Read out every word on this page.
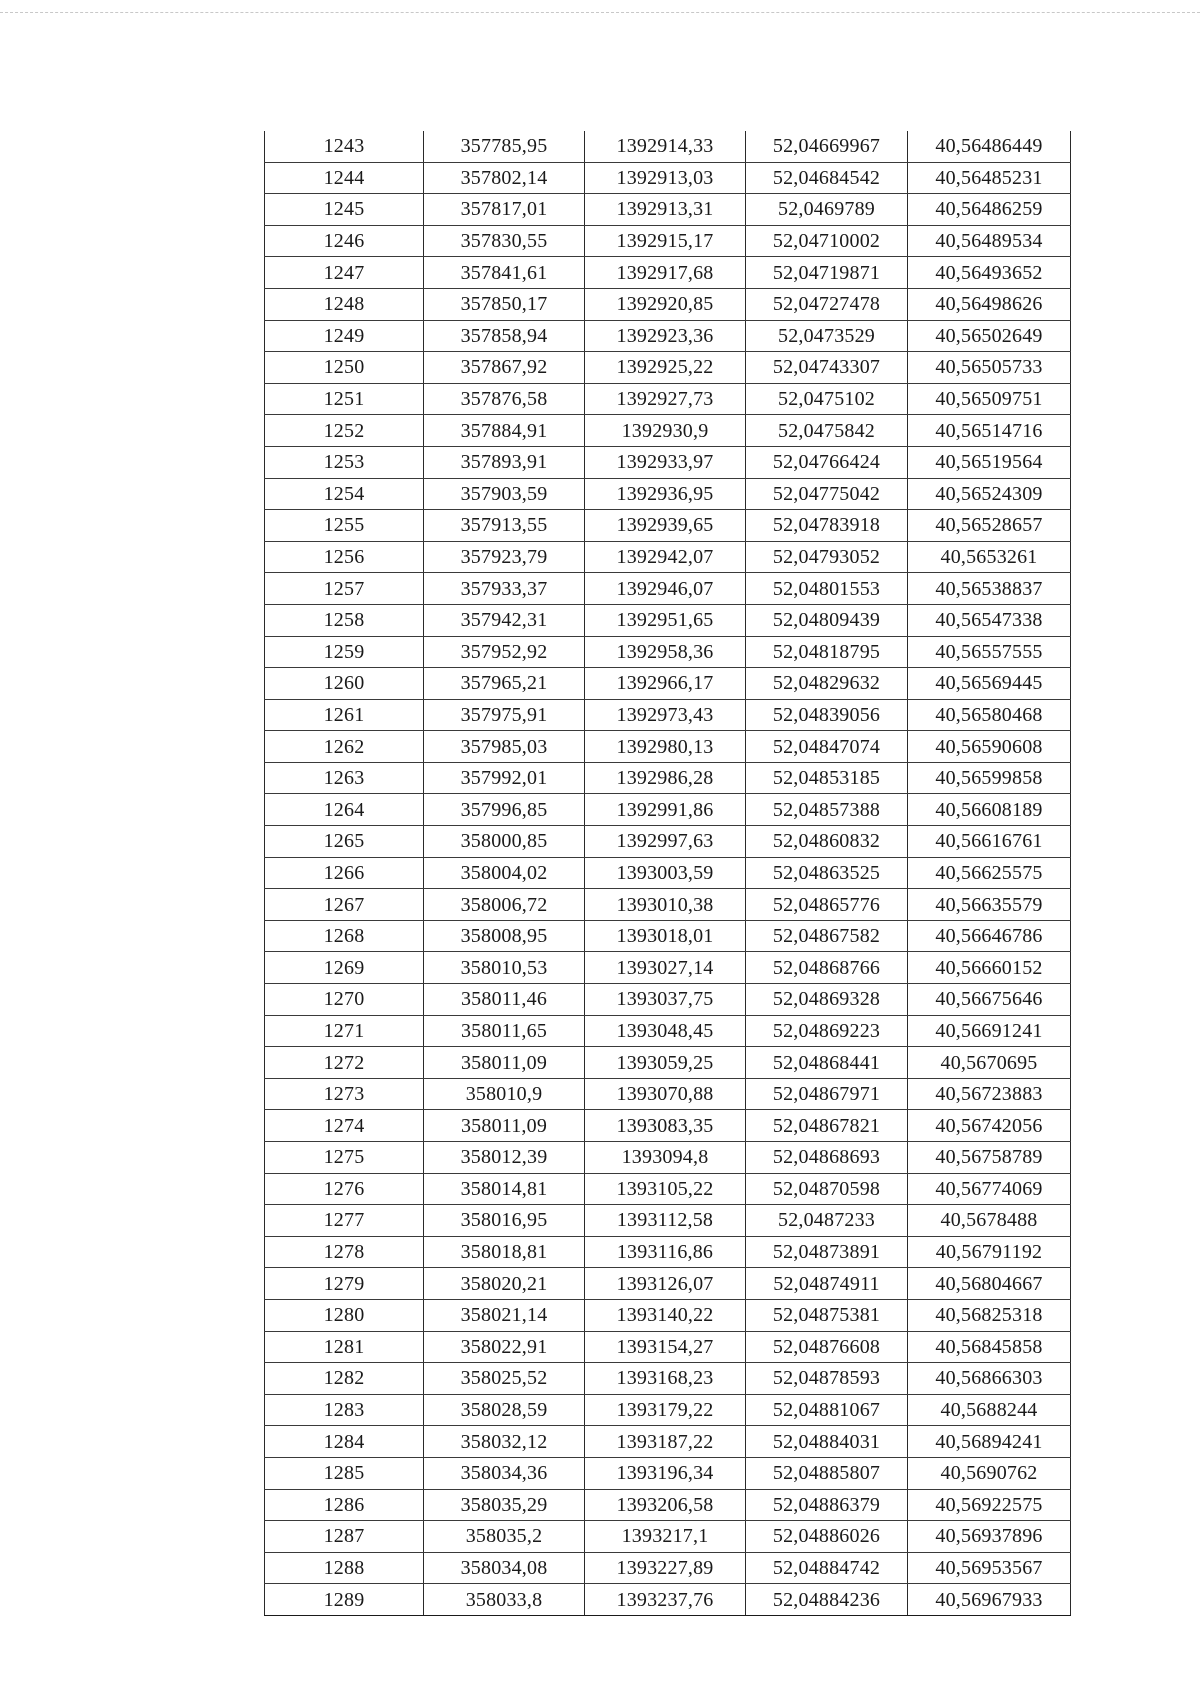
1243	357785,95	1392914,33	52,04669967	40,56486449
1244	357802,14	1392913,03	52,04684542	40,56485231
1245	357817,01	1392913,31	52,0469789	40,56486259
1246	357830,55	1392915,17	52,04710002	40,56489534
1247	357841,61	1392917,68	52,04719871	40,56493652
1248	357850,17	1392920,85	52,04727478	40,56498626
1249	357858,94	1392923,36	52,0473529	40,56502649
1250	357867,92	1392925,22	52,04743307	40,56505733
1251	357876,58	1392927,73	52,0475102	40,56509751
1252	357884,91	1392930,9	52,0475842	40,56514716
1253	357893,91	1392933,97	52,04766424	40,56519564
1254	357903,59	1392936,95	52,04775042	40,56524309
1255	357913,55	1392939,65	52,04783918	40,56528657
1256	357923,79	1392942,07	52,04793052	40,5653261
1257	357933,37	1392946,07	52,04801553	40,56538837
1258	357942,31	1392951,65	52,04809439	40,56547338
1259	357952,92	1392958,36	52,04818795	40,56557555
1260	357965,21	1392966,17	52,04829632	40,56569445
1261	357975,91	1392973,43	52,04839056	40,56580468
1262	357985,03	1392980,13	52,04847074	40,56590608
1263	357992,01	1392986,28	52,04853185	40,56599858
1264	357996,85	1392991,86	52,04857388	40,56608189
1265	358000,85	1392997,63	52,04860832	40,56616761
1266	358004,02	1393003,59	52,04863525	40,56625575
1267	358006,72	1393010,38	52,04865776	40,56635579
1268	358008,95	1393018,01	52,04867582	40,56646786
1269	358010,53	1393027,14	52,04868766	40,56660152
1270	358011,46	1393037,75	52,04869328	40,56675646
1271	358011,65	1393048,45	52,04869223	40,56691241
1272	358011,09	1393059,25	52,04868441	40,5670695
1273	358010,9	1393070,88	52,04867971	40,56723883
1274	358011,09	1393083,35	52,04867821	40,56742056
1275	358012,39	1393094,8	52,04868693	40,56758789
1276	358014,81	1393105,22	52,04870598	40,56774069
1277	358016,95	1393112,58	52,0487233	40,5678488
1278	358018,81	1393116,86	52,04873891	40,56791192
1279	358020,21	1393126,07	52,04874911	40,56804667
1280	358021,14	1393140,22	52,04875381	40,56825318
1281	358022,91	1393154,27	52,04876608	40,56845858
1282	358025,52	1393168,23	52,04878593	40,56866303
1283	358028,59	1393179,22	52,04881067	40,5688244
1284	358032,12	1393187,22	52,04884031	40,56894241
1285	358034,36	1393196,34	52,04885807	40,5690762
1286	358035,29	1393206,58	52,04886379	40,56922575
1287	358035,2	1393217,1	52,04886026	40,56937896
1288	358034,08	1393227,89	52,04884742	40,56953567
1289	358033,8	1393237,76	52,04884236	40,56967933
